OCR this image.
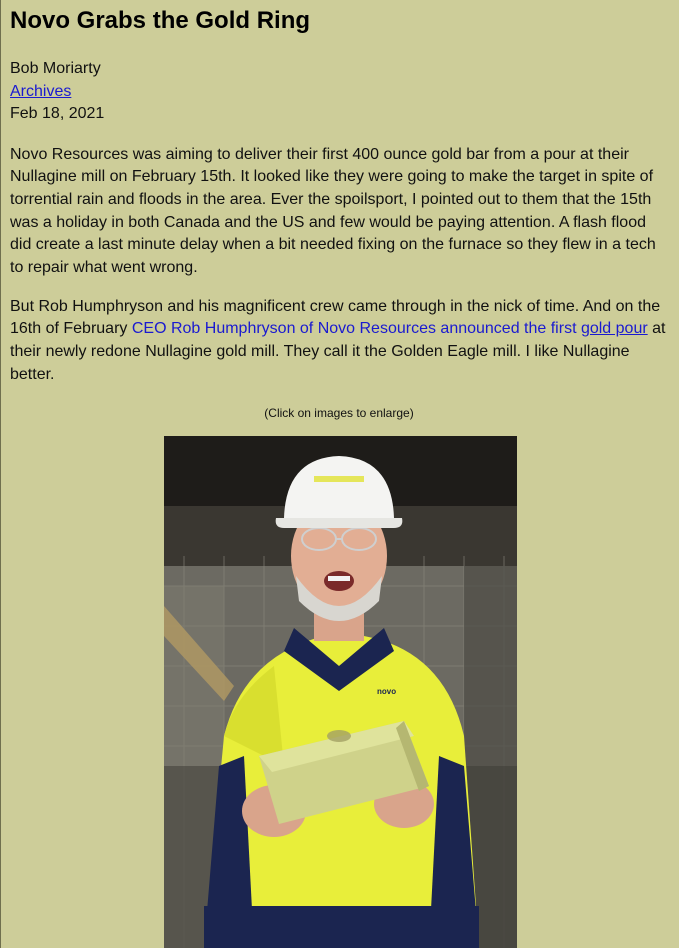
Novo Grabs the Gold Ring
Bob Moriarty
Archives
Feb 18, 2021

Novo Resources was aiming to deliver their first 400 ounce gold bar from a pour at their Nullagine mill on February 15th. It looked like they were going to make the target in spite of torrential rain and floods in the area. Ever the spoilsport, I pointed out to them that the 15th was a holiday in both Canada and the US and few would be paying attention. A flash flood did create a last minute delay when a bit needed fixing on the furnace so they flew in a tech to repair what went wrong.

But Rob Humphryson and his magnificent crew came through in the nick of time. And on the 16th of February CEO Rob Humphryson of Novo Resources announced the first gold pour at their newly redone Nullagine gold mill. They call it the Golden Eagle mill. I like Nullagine better.

(Click on images to enlarge)
novo
